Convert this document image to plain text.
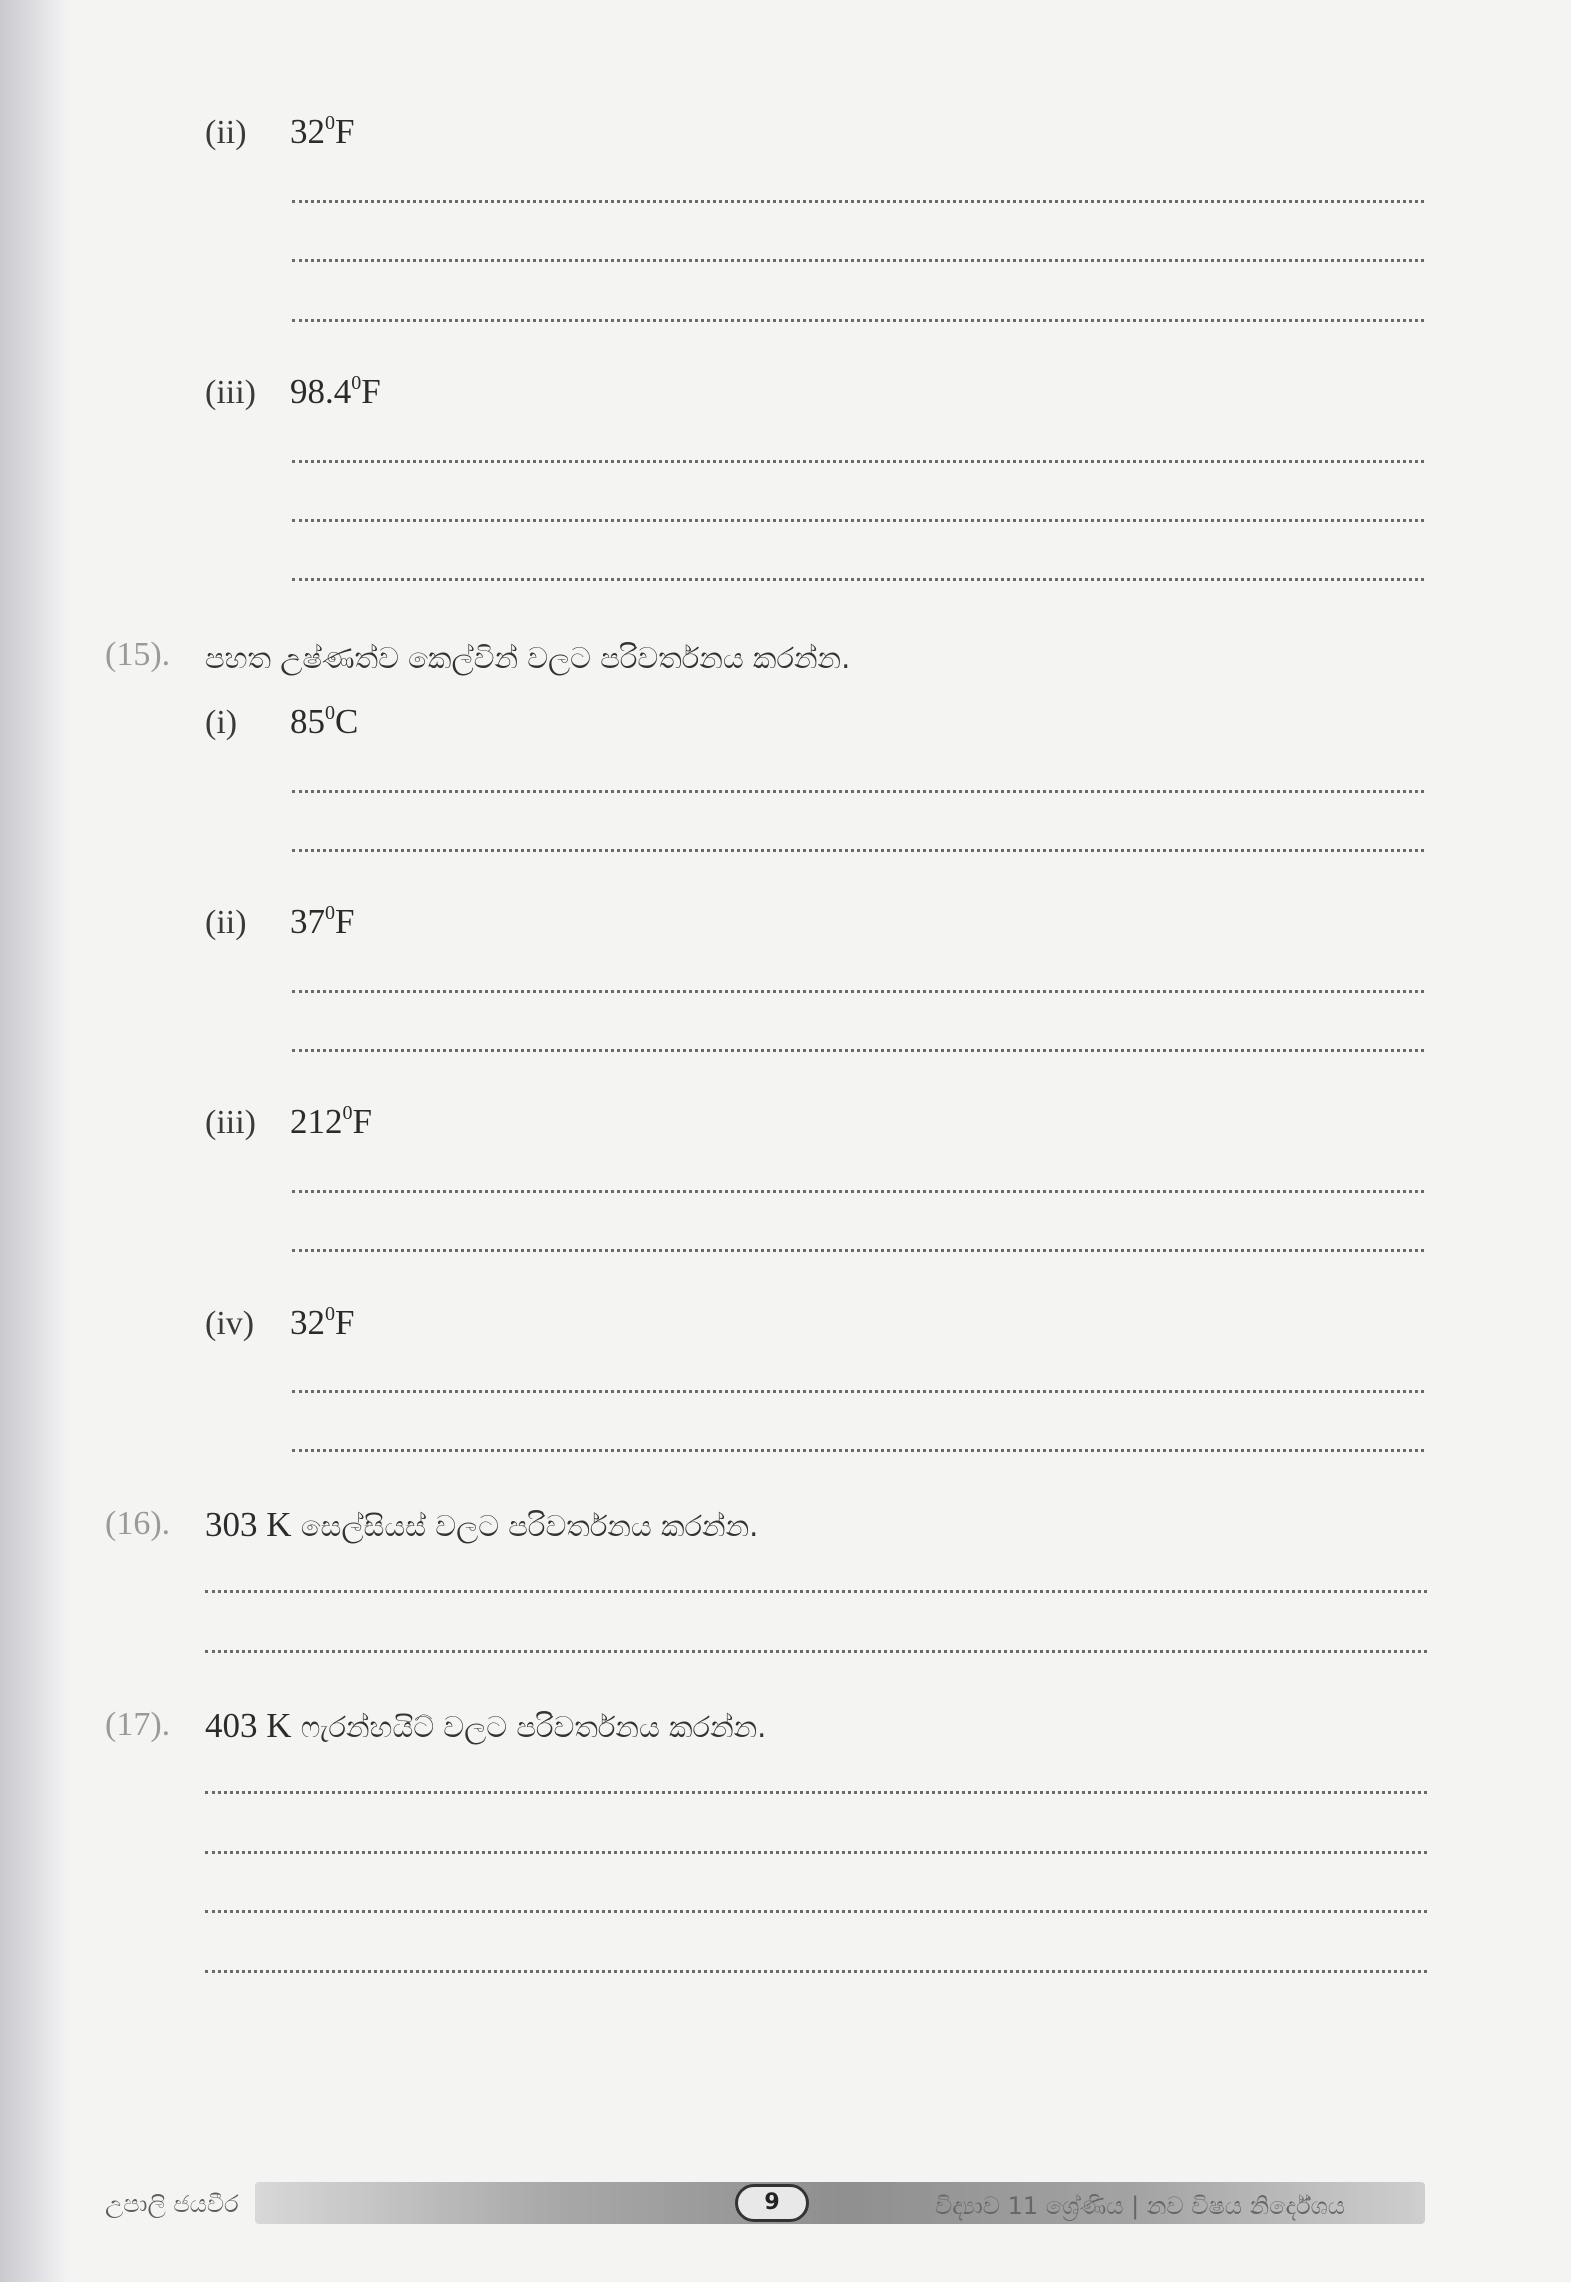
(ii) $32^0F$
(iii) 98.4$^0$F
(15). පහත උෂ්ණත්ව කෙල්වින් වලට පරිවර්තනය කරන්න.
(i) $85^0C$
(ii) $37^0F$
(iii) $212^0F$
(iv) $32^0F$
(16). 303 K සෙල්සියස් වලට පරිවර්තනය කරන්න.
(17). 403 K ෆැරන්හයිට් වලට පරිවර්තනය කරන්න.
උපාලි ජයවීර	9	විද්‍යාව 11 ශ්‍රේණිය | නව විෂය නිර්දේශය
